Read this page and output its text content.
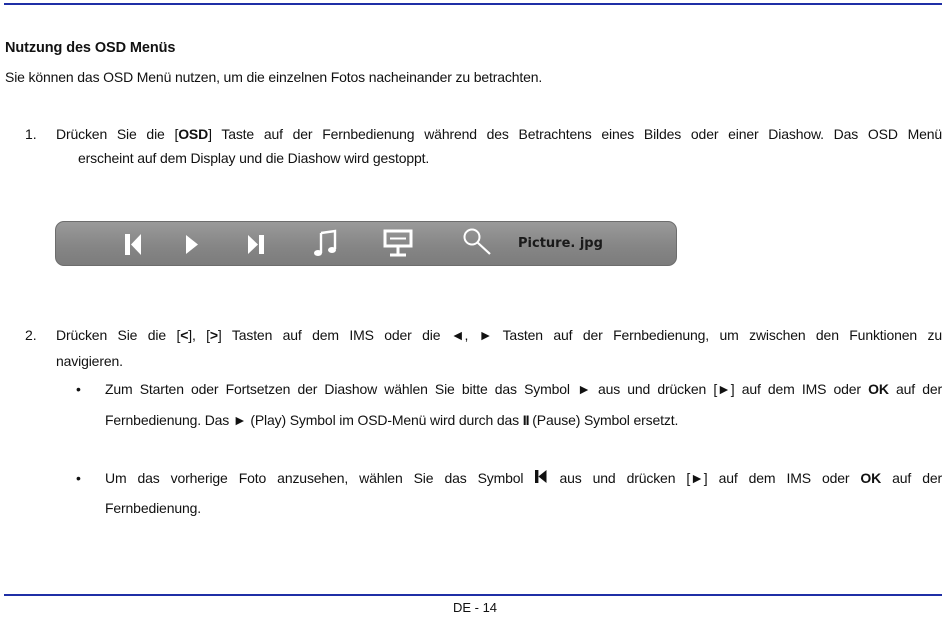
Nutzung des OSD Menüs
Sie können das OSD Menü nutzen, um die einzelnen Fotos nacheinander zu betrachten.
1. Drücken Sie die [OSD] Taste auf der Fernbedienung während des Betrachtens eines Bildes oder einer Diashow. Das OSD Menü
erscheint auf dem Display und die Diashow wird gestoppt.
Picture. jpg
2. Drücken Sie die [<], [>] Tasten auf dem IMS oder die ◄, ► Tasten auf der Fernbedienung, um zwischen den Funktionen zu
navigieren.
• Zum Starten oder Fortsetzen der Diashow wählen Sie bitte das Symbol ► aus und drücken [►] auf dem IMS oder OK auf der
Fernbedienung. Das ► (Play) Symbol im OSD-Menü wird durch das II (Pause) Symbol ersetzt.
• Um das vorherige Foto anzusehen, wählen Sie das Symbol  aus und drücken [►] auf dem IMS oder OK auf der
Fernbedienung.
DE - 14
